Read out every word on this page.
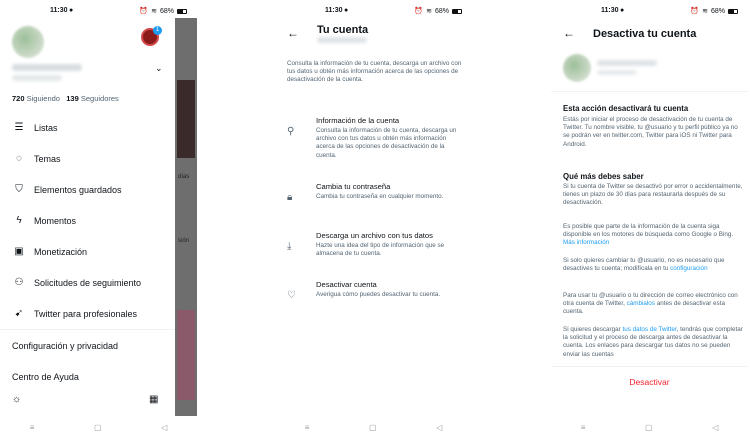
11:30 ●	⏰ ≋ 68%
1
⌄
720 Siguiendo 139 Seguidores
☰ Listas
◌	Temas
⛉	Elementos guardados
ϟ	Momentos
▣ Monetización
⚇ Solicitudes de seguimiento
➹	Twitter para profesionales
Configuración y privacidad
Centro de Ayuda
☼	▦
días
sión
≡	▢	◁
11:30 ●	⏰ ≋ 68%
← Tu cuenta
Consulta la información de tu cuenta, descarga un archivo con tus datos u obtén más información acerca de las opciones de desactivación de la cuenta.
⚲
Información de la cuenta
Consulta la información de tu cuenta, descarga un archivo con tus datos u obtén más información acerca de las opciones de desactivación de la cuenta.
🔒︎
Cambia tu contraseña
Cambia tu contraseña en cualquier momento.
⤓
Descarga un archivo con tus datos
Hazte una idea del tipo de información que se almacena de tu cuenta.
♡
Desactivar cuenta
Averigua cómo puedes desactivar tu cuenta.
≡	▢	◁
11:30 ●	⏰ ≋ 68%
← Desactiva tu cuenta
Esta acción desactivará tu cuenta
Estás por iniciar el proceso de desactivación de tu cuenta de Twitter. Tu nombre visible, tu @usuario y tu perfil público ya no se podrán ver en twitter.com, Twitter para iOS ni Twitter para Android.
Qué más debes saber
Si tu cuenta de Twitter se desactivó por error o accidentalmente, tienes un plazo de 30 días para restaurarla después de su desactivación.
Es posible que parte de la información de la cuenta siga disponible en los motores de búsqueda como Google o Bing. Más información
Si solo quieres cambiar tu @usuario, no es necesario que desactives tu cuenta; modifícala en tu configuración
Para usar tu @usuario o tu dirección de correo electrónico con otra cuenta de Twitter, cámbialos antes de desactivar esta cuenta.
Si quieres descargar tus datos de Twitter, tendrás que completar la solicitud y el proceso de descarga antes de desactivar la cuenta. Los enlaces para descargar tus datos no se pueden enviar las cuentas
Desactivar
≡	▢	◁
